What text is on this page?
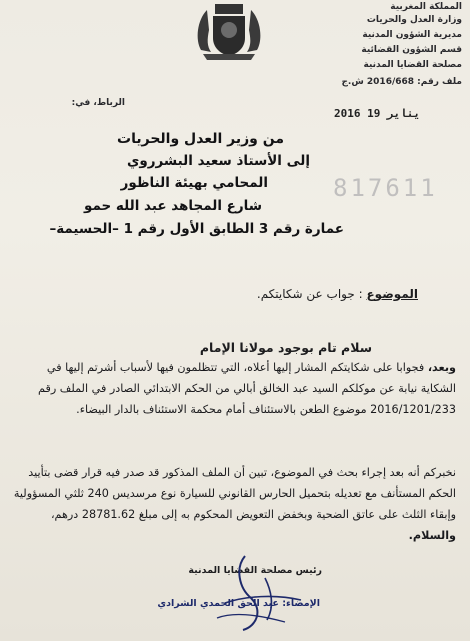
المملكة المغربية
وزارة العدل والحريات
مديرية الشؤون المدنية
قسم الشؤون القضائية
مصلحة القضايا المدنية
ملف رقم: 2016/668 ش.ج
الرباط، في:
2016 يناير 19
من وزير العدل والحريات
إلى الأستاذ سعيد البشرروي
المحامي بهيئة الناظور
شارع المجاهد عبد الله حمو
عمارة رقم 3 الطابق الأول رقم 1 –الحسيمة–
817611
الموضوع : جواب عن شكايتكم.
سلام تام بوجود مولانا الإمام
وبعد، فجوابا على شكايتكم المشار إليها أعلاه، التي تتظلمون فيها لأسباب أشرتم إليها في الشكاية نيابة عن موكلكم السيد عبد الخالق أبالي من الحكم الابتدائي الصادر في الملف رقم 2016/1201/233 موضوع الطعن بالاستئناف أمام محكمة الاستئناف بالدار البيضاء.
نخبركم أنه بعد إجراء بحث في الموضوع، تبين أن الملف المذكور قد صدر فيه قرار قضى بتأييد الحكم المستأنف مع تعديله بتحميل الحارس القانوني للسيارة نوع مرسديس 240 ثلثي المسؤولية وإبقاء الثلث على عاتق الضحية وبخفض التعويض المحكوم به إلى مبلغ 28781.62 درهم، والسلام.
رئيس مصلحة القضايا المدنية
الإمضاء: عبد الحق الحمدي الشرادي
